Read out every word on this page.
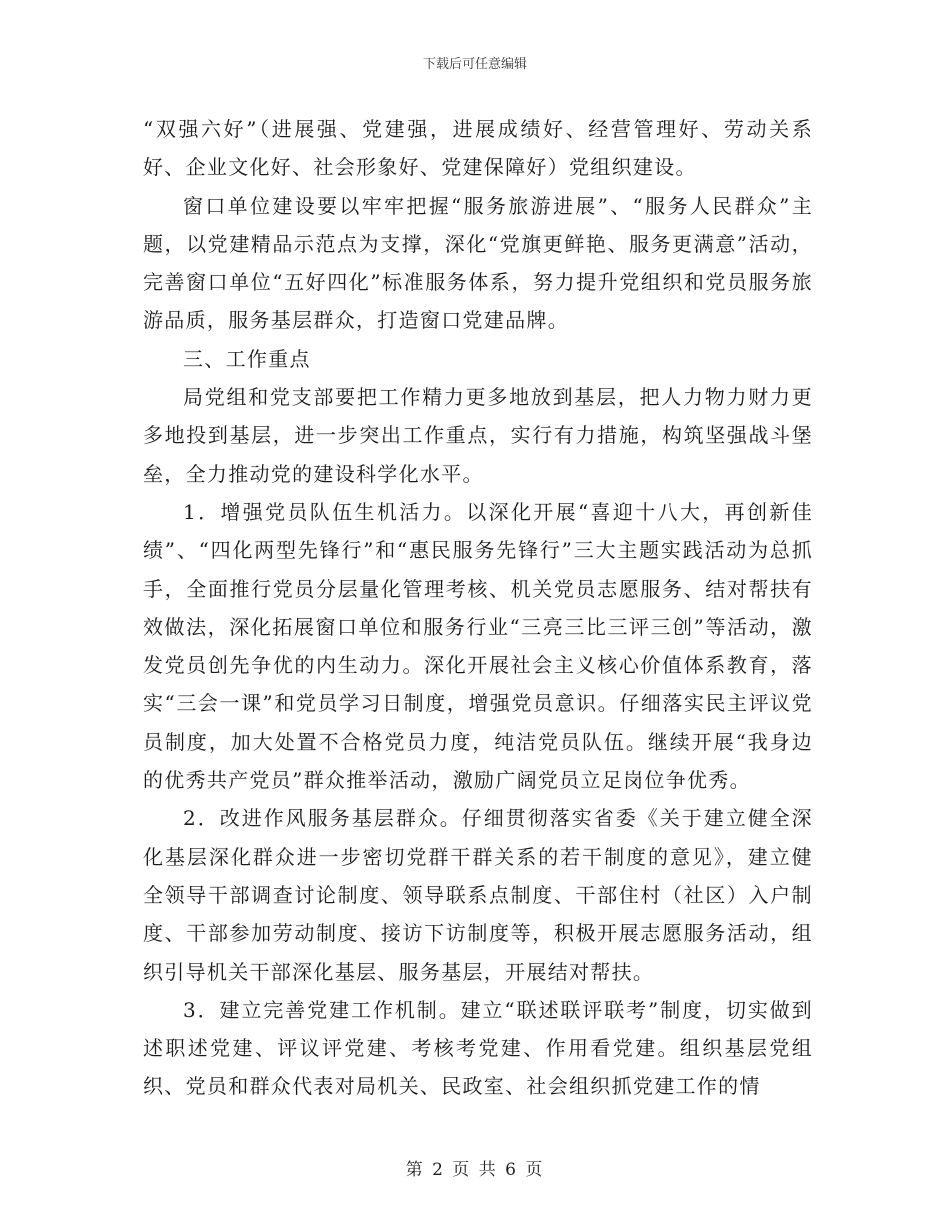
下载后可任意编辑

“双强六好”（进展强、党建强，进展成绩好、经营管理好、劳动关系好、企业文化好、社会形象好、党建保障好）党组织建设。

窗口单位建设要以牢牢把握“服务旅游进展”、“服务人民群众”主题，以党建精品示范点为支撑，深化“党旗更鲜艳、服务更满意”活动，完善窗口单位“五好四化”标准服务体系，努力提升党组织和党员服务旅游品质，服务基层群众，打造窗口党建品牌。

三、工作重点

局党组和党支部要把工作精力更多地放到基层，把人力物力财力更多地投到基层，进一步突出工作重点，实行有力措施，构筑坚强战斗堡垒，全力推动党的建设科学化水平。

1．增强党员队伍生机活力。以深化开展“喜迎十八大，再创新佳绩”、“四化两型先锋行”和“惠民服务先锋行”三大主题实践活动为总抓手，全面推行党员分层量化管理考核、机关党员志愿服务、结对帮扶有效做法，深化拓展窗口单位和服务行业“三亮三比三评三创”等活动，激发党员创先争优的内生动力。深化开展社会主义核心价值体系教育，落实“三会一课”和党员学习日制度，增强党员意识。仔细落实民主评议党员制度，加大处置不合格党员力度，纯洁党员队伍。继续开展“我身边的优秀共产党员”群众推举活动，激励广阔党员立足岗位争优秀。

2．改进作风服务基层群众。仔细贯彻落实省委《关于建立健全深化基层深化群众进一步密切党群干群关系的若干制度的意见》，建立健全领导干部调查讨论制度、领导联系点制度、干部住村（社区）入户制度、干部参加劳动制度、接访下访制度等，积极开展志愿服务活动，组织引导机关干部深化基层、服务基层，开展结对帮扶。

3．建立完善党建工作机制。建立“联述联评联考”制度，切实做到述职述党建、评议评党建、考核考党建、作用看党建。组织基层党组织、党员和群众代表对局机关、民政室、社会组织抓党建工作的情

第 2 页 共 6 页
